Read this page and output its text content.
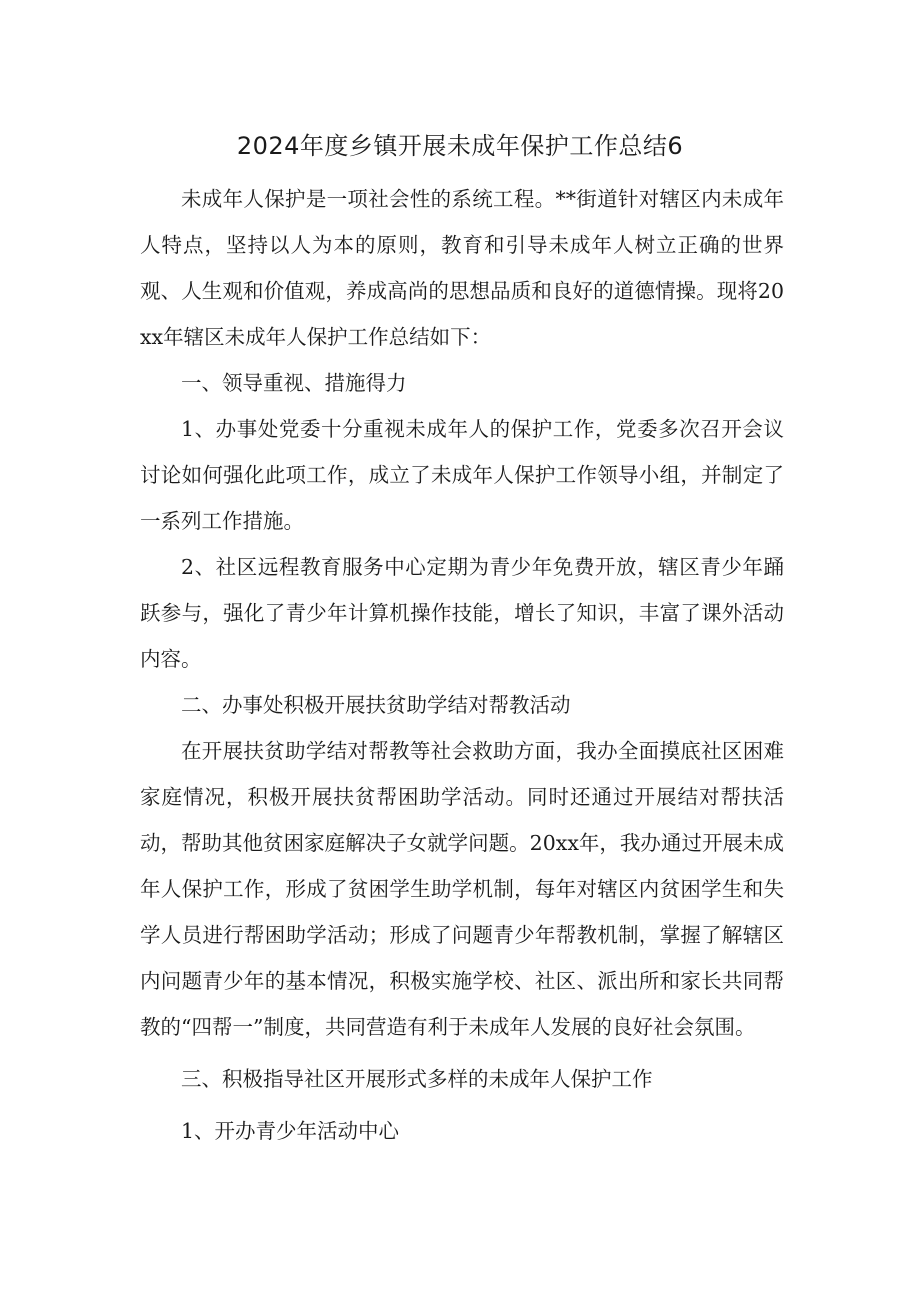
2024年度乡镇开展未成年保护工作总结6

未成年人保护是一项社会性的系统工程。**街道针对辖区内未成年人特点，坚持以人为本的原则，教育和引导未成年人树立正确的世界观、人生观和价值观，养成高尚的思想品质和良好的道德情操。现将20xx年辖区未成年人保护工作总结如下：

一、领导重视、措施得力

1、办事处党委十分重视未成年人的保护工作，党委多次召开会议讨论如何强化此项工作，成立了未成年人保护工作领导小组，并制定了一系列工作措施。

2、社区远程教育服务中心定期为青少年免费开放，辖区青少年踊跃参与，强化了青少年计算机操作技能，增长了知识，丰富了课外活动内容。

二、办事处积极开展扶贫助学结对帮教活动

在开展扶贫助学结对帮教等社会救助方面，我办全面摸底社区困难家庭情况，积极开展扶贫帮困助学活动。同时还通过开展结对帮扶活动，帮助其他贫困家庭解决子女就学问题。20xx年，我办通过开展未成年人保护工作，形成了贫困学生助学机制，每年对辖区内贫困学生和失学人员进行帮困助学活动；形成了问题青少年帮教机制，掌握了解辖区内问题青少年的基本情况，积极实施学校、社区、派出所和家长共同帮教的“四帮一”制度，共同营造有利于未成年人发展的良好社会氛围。

三、积极指导社区开展形式多样的未成年人保护工作

1、开办青少年活动中心
